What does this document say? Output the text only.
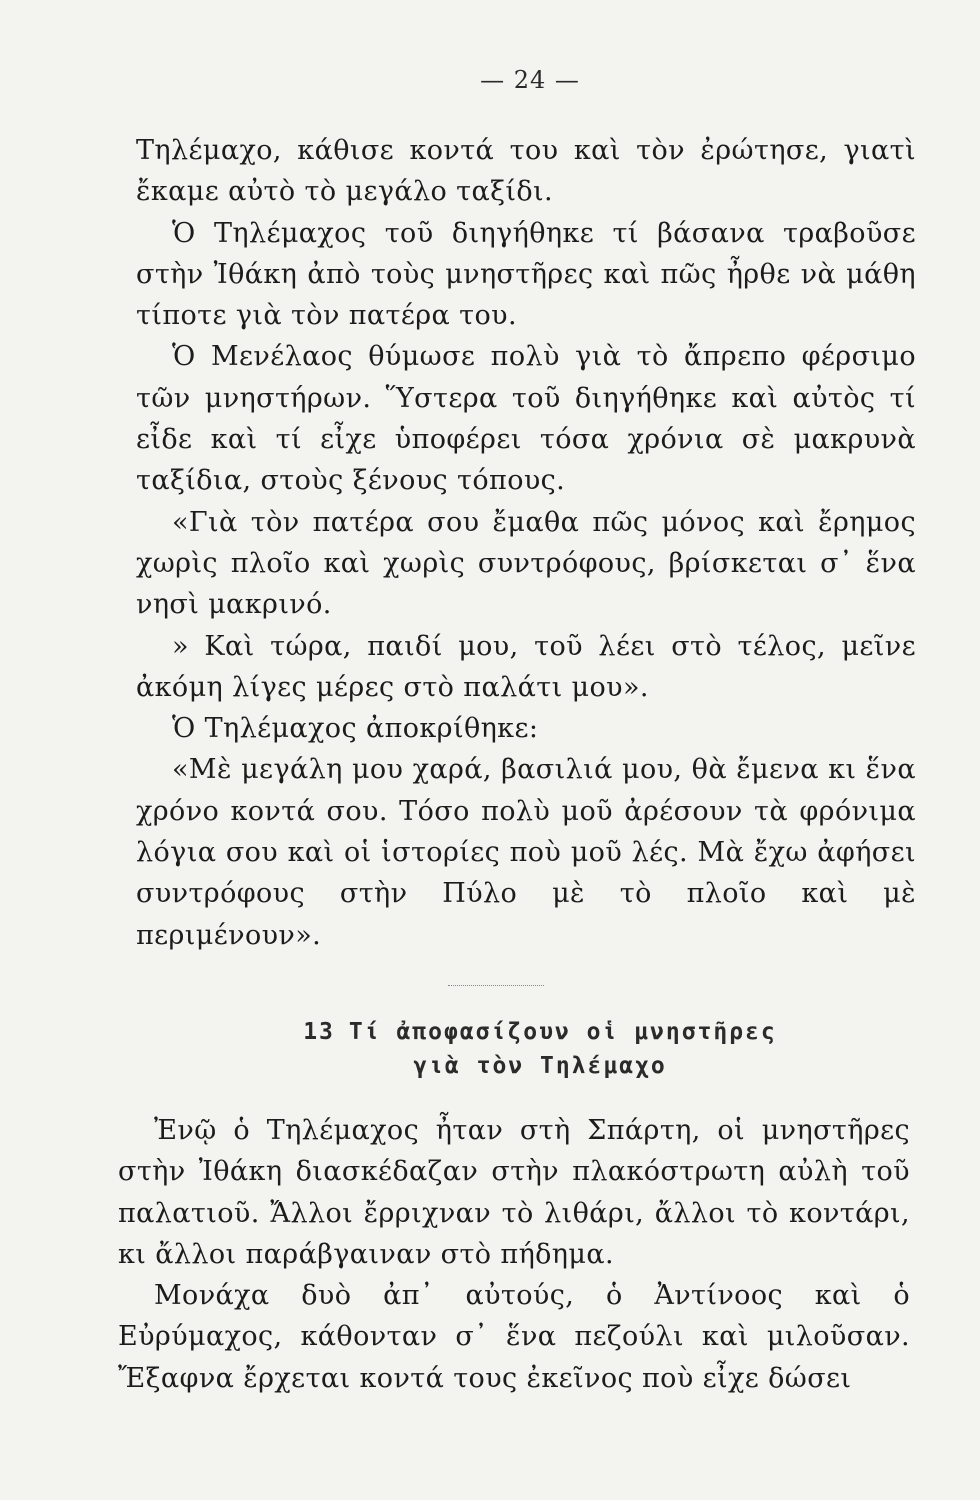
— 24 —

Τηλέμαχο, κάθισε κοντά του καὶ τὸν ἐρώτησε, γιατὶ ἔκαμε αὐτὸ τὸ μεγάλο ταξίδι.

Ὁ Τηλέμαχος τοῦ διηγήθηκε τί βάσανα τραβοῦσε στὴν Ἰθάκη ἀπὸ τοὺς μνηστῆρες καὶ πῶς ἦρθε νὰ μάθη τίποτε γιὰ τὸν πατέρα του.

Ὁ Μενέλαος θύμωσε πολὺ γιὰ τὸ ἄπρεπο φέρσιμο τῶν μνηστήρων. Ὕστερα τοῦ διηγήθηκε καὶ αὐτὸς τί εἶδε καὶ τί εἶχε ὑποφέρει τόσα χρόνια σὲ μακρυνὰ ταξίδια, στοὺς ξένους τόπους.

«Γιὰ τὸν πατέρα σου ἔμαθα πῶς μόνος καὶ ἔρημος χωρὶς πλοῖο καὶ χωρὶς συντρόφους, βρίσκεται σ᾿ ἕνα νησὶ μακρινό.

» Καὶ τώρα, παιδί μου, τοῦ λέει στὸ τέλος, μεῖνε ἀκόμη λίγες μέρες στὸ παλάτι μου».

Ὁ Τηλέμαχος ἀποκρίθηκε:

«Μὲ μεγάλη μου χαρά, βασιλιά μου, θὰ ἔμενα κι ἕνα χρόνο κοντά σου. Τόσο πολὺ μοῦ ἀρέσουν τὰ φρόνιμα λόγια σου καὶ οἱ ἱστορίες ποὺ μοῦ λές. Μὰ ἔχω ἀφήσει συντρόφους στὴν Πύλο μὲ τὸ πλοῖο καὶ μὲ περιμένουν».

13 Τί ἀποφασίζουν οἱ μνηστῆρες
γιὰ τὸν Τηλέμαχο

Ἐνῷ ὁ Τηλέμαχος ἦταν στὴ Σπάρτη, οἱ μνηστῆρες στὴν Ἰθάκη διασκέδαζαν στὴν πλακόστρωτη αὐλὴ τοῦ παλατιοῦ. Ἄλλοι ἔρριχναν τὸ λιθάρι, ἄλλοι τὸ κοντάρι, κι ἄλλοι παράβγαιναν στὸ πήδημα.

Μονάχα δυὸ ἀπ᾿ αὐτούς, ὁ Ἀντίνοος καὶ ὁ Εὐρύμαχος, κάθονταν σ᾿ ἕνα πεζούλι καὶ μιλοῦσαν. Ἔξαφνα ἔρχεται κοντά τους ἐκεῖνος ποὺ εἶχε δώσει
